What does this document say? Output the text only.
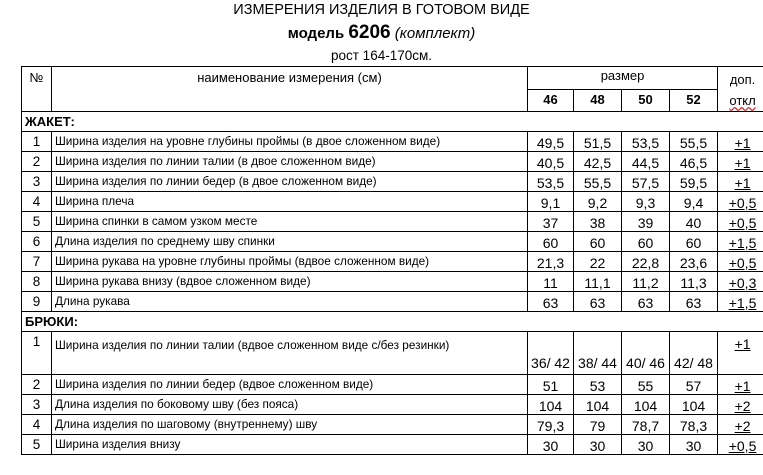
ИЗМЕРЕНИЯ ИЗДЕЛИЯ В ГОТОВОМ ВИДЕ
модель 6206 (комплект)
рост 164-170см.
№	наименование измерения (см)	размер				доп.
откл
		46	48	50	52	
ЖАКЕТ:						
1	Ширина изделия на уровне глубины проймы (в двое сложенном виде)	49,5	51,5	53,5	55,5	+1
2	Ширина изделия по линии талии (в двое сложенном виде)	40,5	42,5	44,5	46,5	+1
3	Ширина изделия по линии бедер (в двое сложенном виде)	53,5	55,5	57,5	59,5	+1
4	Ширина плеча	9,1	9,2	9,3	9,4	+0,5
5	Ширина спинки в самом узком месте	37	38	39	40	+0,5
6	Длина изделия по среднему шву спинки	60	60	60	60	+1,5
7	Ширина рукава на уровне глубины проймы (вдвое сложенном виде)	21,3	22	22,8	23,6	+0,5
8	Ширина рукава внизу (вдвое сложенном виде)	11	11,1	11,2	11,3	+0,3
9	Длина рукава	63	63	63	63	+1,5
БРЮКИ:						
1	Ширина изделия по линии талии (вдвое сложенном виде с/без резинки)	36/ 42	38/ 44	40/ 46	42/ 48	+1
2	Ширина изделия по линии бедер (вдвое сложенном виде)	51	53	55	57	+1
3	Длина изделия по боковому шву (без пояса)	104	104	104	104	+2
4	Длина изделия по шаговому (внутреннему) шву	79,3	79	78,7	78,3	+2
5	Ширина изделия внизу	30	30	30	30	+0,5
